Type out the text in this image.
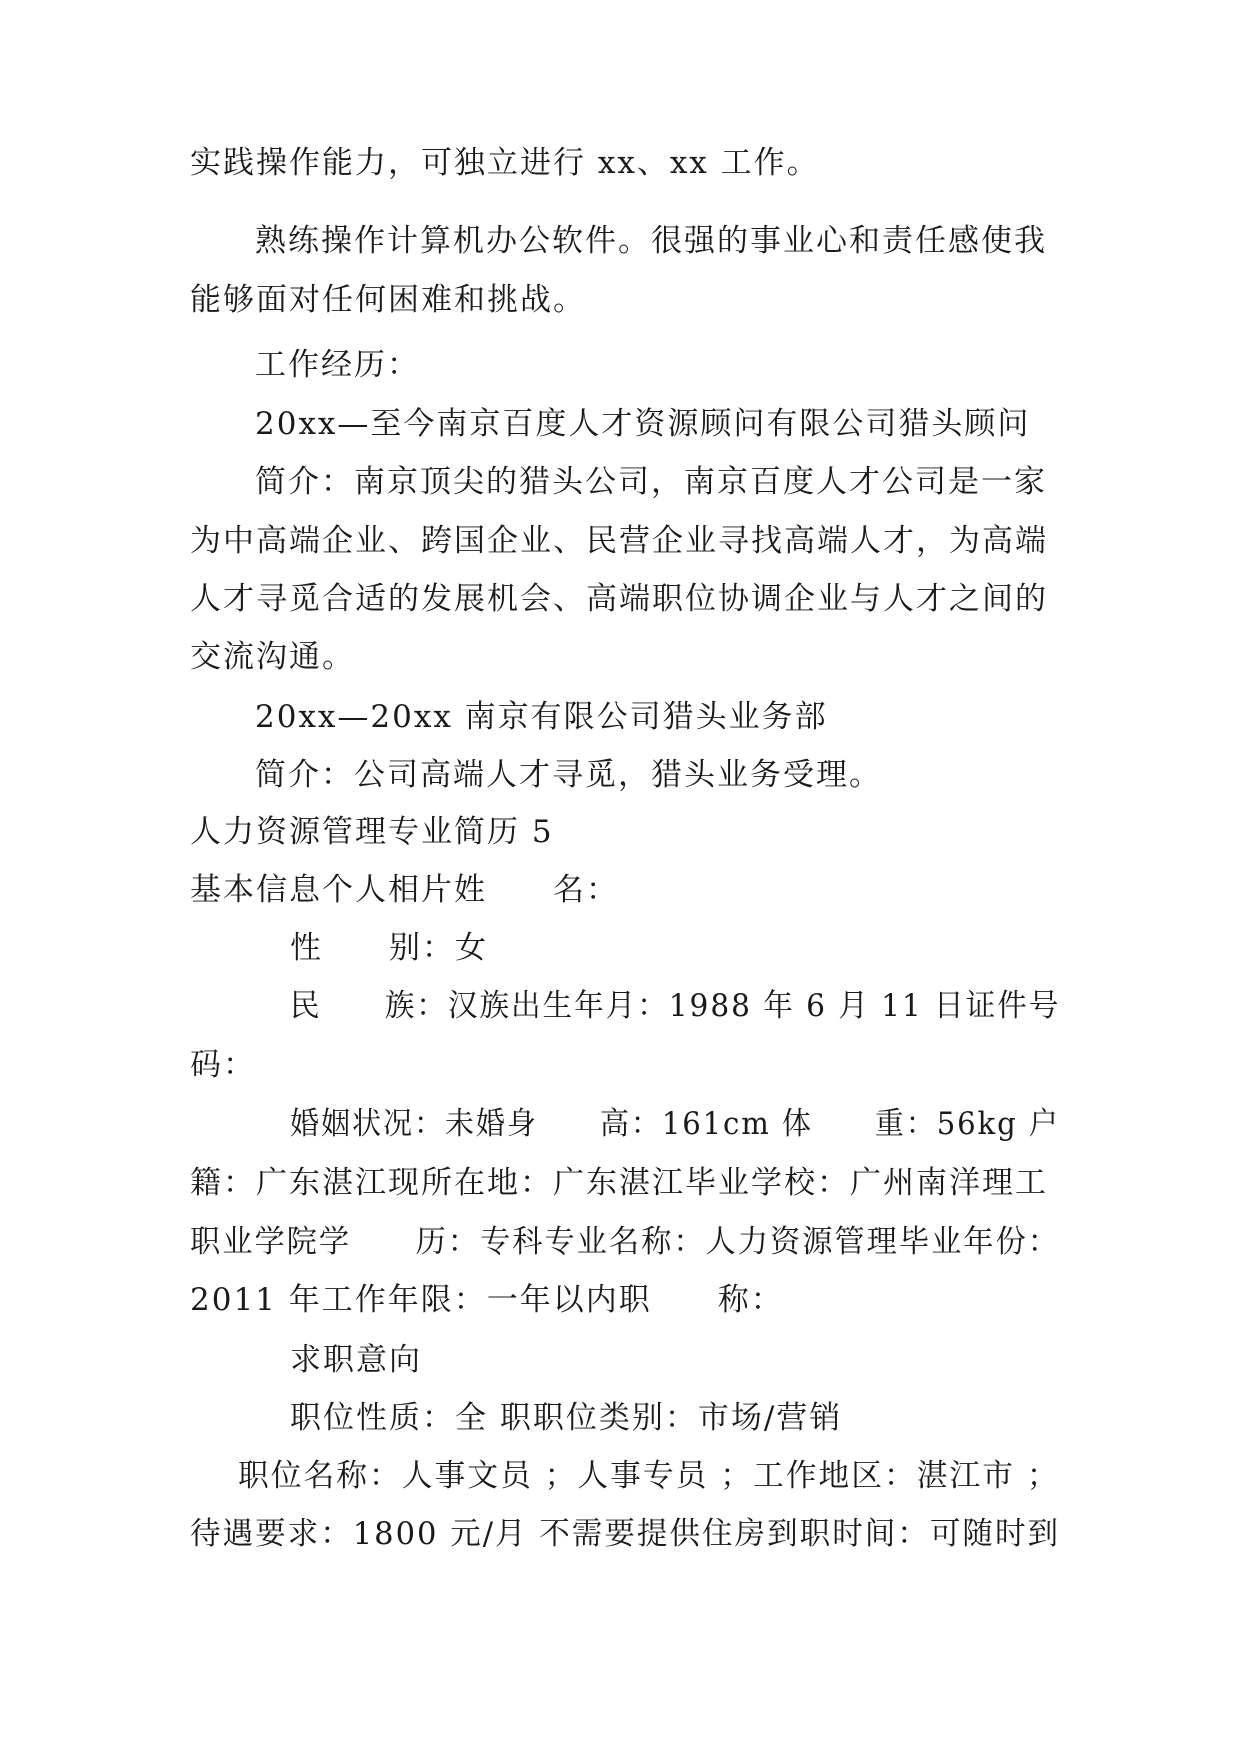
实践操作能力，可独立进行 xx、xx 工作。
熟练操作计算机办公软件。很强的事业心和责任感使我
能够面对任何困难和挑战。
工作经历：
20xx—至今南京百度人才资源顾问有限公司猎头顾问
简介：南京顶尖的猎头公司，南京百度人才公司是一家
为中高端企业、跨国企业、民营企业寻找高端人才，为高端
人才寻觅合适的发展机会、高端职位协调企业与人才之间的
交流沟通。
20xx—20xx 南京有限公司猎头业务部
简介：公司高端人才寻觅，猎头业务受理。
人力资源管理专业简历 5
基本信息个人相片姓　　名：
性　　别：女
民　　族：汉族出生年月：1988 年 6 月 11 日证件号
码：
婚姻状况：未婚身　　高：161cm 体　　重：56kg 户
籍：广东湛江现所在地：广东湛江毕业学校：广州南洋理工
职业学院学　　历：专科专业名称：人力资源管理毕业年份：
2011 年工作年限：一年以内职　　称：
求职意向
职位性质：全 职职位类别：市场/营销
职位名称：人事文员 ；人事专员 ；工作地区：湛江市 ；
待遇要求：1800 元/月 不需要提供住房到职时间：可随时到
